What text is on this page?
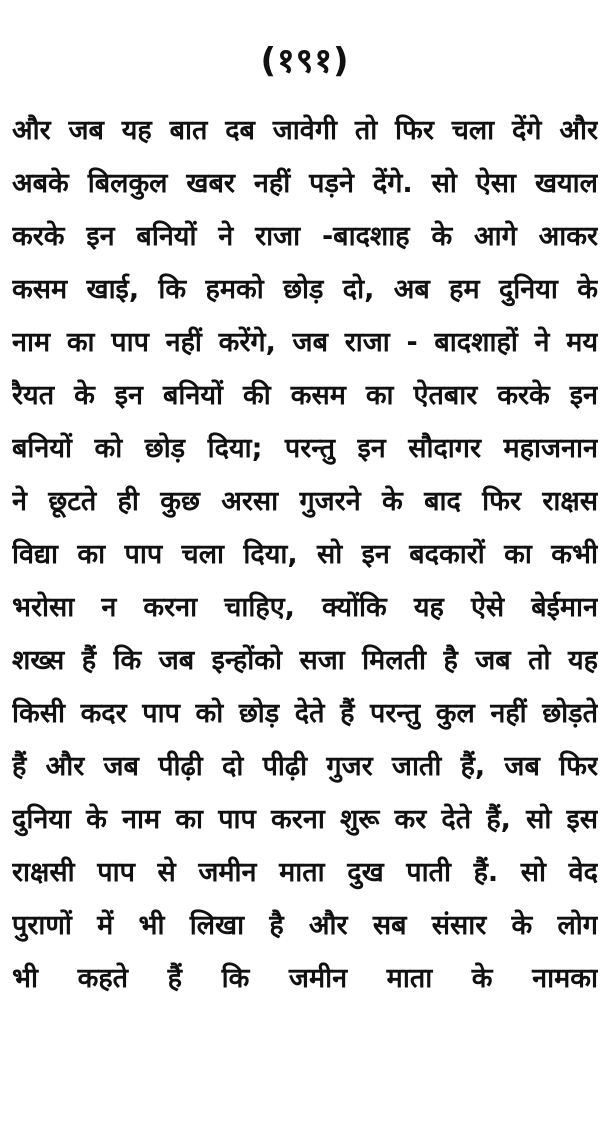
(१९१)
और जब यह बात दब जावेगी तो फिर चला देंगे और
अबके बिलकुल खबर नहीं पड़ने देंगे. सो ऐसा खयाल
करके इन बनियों ने राजा -बादशाह के आगे आकर
कसम खाई, कि हमको छोड़ दो, अब हम दुनिया के
नाम का पाप नहीं करेंगे, जब राजा - बादशाहों ने मय
रैयत के इन बनियों की कसम का ऐतबार करके इन
बनियों को छोड़ दिया; परन्तु इन सौदागर महाजनान
ने छूटते ही कुछ अरसा गुजरने के बाद फिर राक्षस
विद्या का पाप चला दिया, सो इन बदकारों का कभी
भरोसा न करना चाहिए, क्योंकि यह ऐसे बेईमान
शख्स हैं कि जब इन्होंको सजा मिलती है जब तो यह
किसी कदर पाप को छोड़ देते हैं परन्तु कुल नहीं छोड़ते
हैं और जब पीढ़ी दो पीढ़ी गुजर जाती हैं, जब फिर
दुनिया के नाम का पाप करना शुरू कर देते हैं, सो इस
राक्षसी पाप से जमीन माता दुख पाती हैं. सो वेद
पुराणों में भी लिखा है और सब संसार के लोग
भी कहते हैं कि जमीन माता के नामका
